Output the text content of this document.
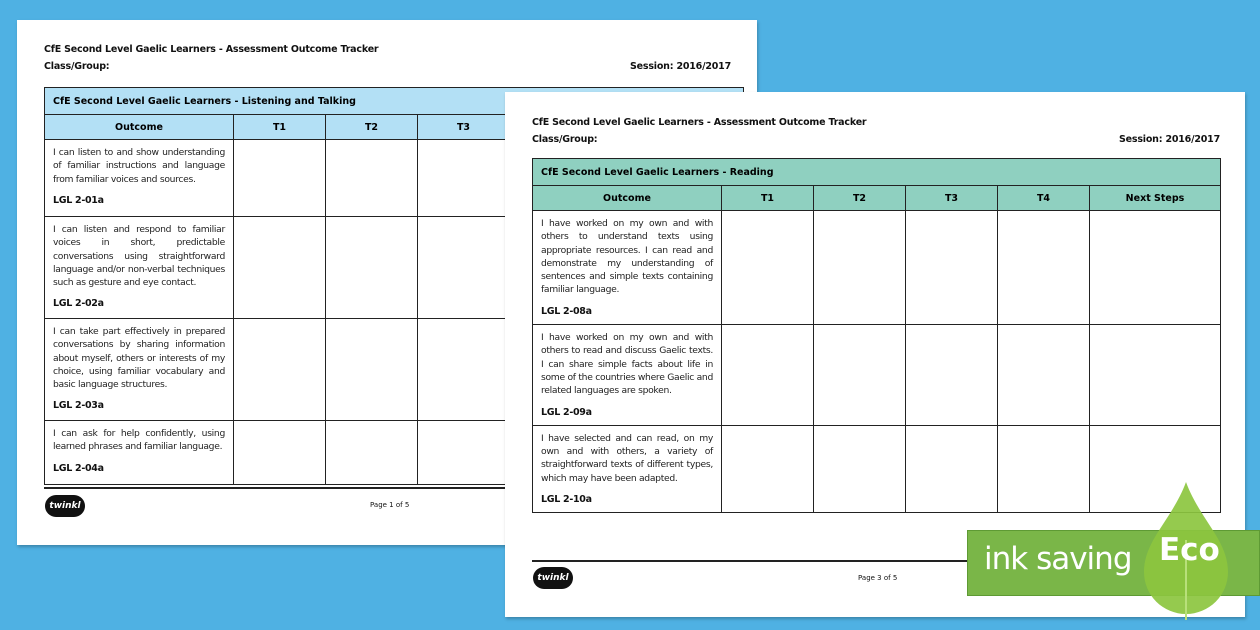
CfE Second Level Gaelic Learners - Assessment Outcome Tracker
Class/Group:	Session: 2016/2017
CfE Second Level Gaelic Learners - Listening and Talking				
Outcome	T1	T2	T3	
I can listen to and show understanding of familiar instructions and language from familiar voices and sources.
LGL 2-01a				

I can listen and respond to familiar voices in short, predictable conversations using straightforward language and/or non-verbal techniques such as gesture and eye contact.
LGL 2-02a				

I can take part effectively in prepared conversations by sharing information about myself, others or interests of my choice, using familiar vocabulary and basic language structures.
LGL 2-03a				

I can ask for help confidently, using learned phrases and familiar language.
LGL 2-04a				

twinkl	Page 1 of 5
CfE Second Level Gaelic Learners - Assessment Outcome Tracker
Class/Group:	Session: 2016/2017
CfE Second Level Gaelic Learners - Reading					
Outcome	T1	T2	T3	T4	Next Steps
I have worked on my own and with others to understand texts using appropriate resources. I can read and demonstrate my understanding of sentences and simple texts containing familiar language.
LGL 2-08a					

I have worked on my own and with others to read and discuss Gaelic texts. I can share simple facts about life in some of the countries where Gaelic and related languages are spoken.
LGL 2-09a					

I have selected and can read, on my own and with others, a variety of straightforward texts of different types, which may have been adapted.
LGL 2-10a					

twinkl	Page 3 of 5
ink saving Eco
